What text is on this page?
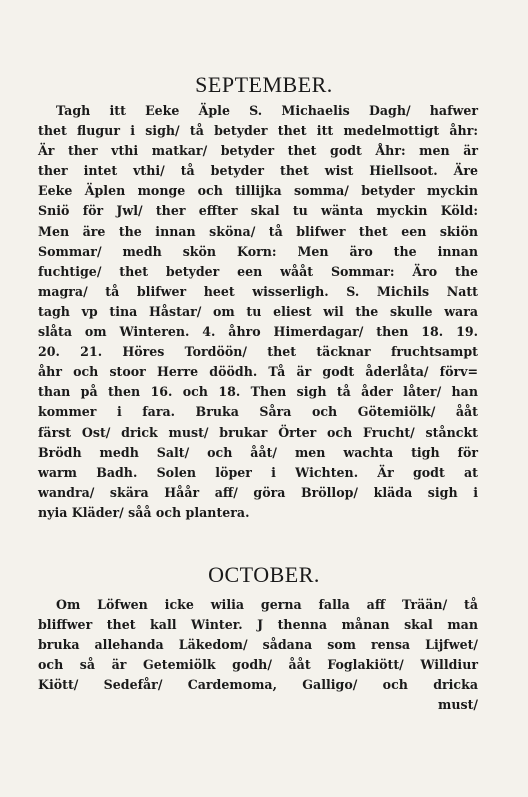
SEPTEMBER.
Tagh itt Eeke Äple S. Michaelis Dagh/ hafwer
thet flugur i sigh/ tå betyder thet itt medelmottigt åhr:
Är ther vthi matkar/ betyder thet godt Åhr: men är
ther intet vthi/ tå betyder thet wist Hiellsoot. Äre
Eeke Äplen monge och tillijka somma/ betyder myckin
Sniö för Jwl/ ther effter skal tu wänta myckin Köld:
Men äre the innan sköna/ tå blifwer thet een skiön
Sommar/ medh skön Korn: Men äro the innan
fuchtige/ thet betyder een wååt Sommar: Äro the
magra/ tå blifwer heet wisserligh. S. Michils Natt
tagh vp tina Håstar/ om tu eliest wil the skulle wara
slåta om Winteren. 4. åhro Himerdagar/ then 18. 19.
20. 21. Höres Tordöön/ thet täcknar fruchtsampt
åhr och stoor Herre döödh. Tå är godt åderlåta/ förv=
than på then 16. och 18. Then sigh tå åder låter/ han
kommer i fara. Bruka Såra och Götemiölk/ ååt
färst Ost/ drick must/ brukar Örter och Frucht/ stånckt
Brödh medh Salt/ och ååt/ men wachta tigh för
warm Badh. Solen löper i Wichten. Är godt at
wandra/ skära Håår aff/ göra Bröllop/ kläda sigh i
nyia Kläder/ såå och plantera.
OCTOBER.
Om Löfwen icke wilia gerna falla aff Trään/ tå
bliffwer thet kall Winter. J thenna månan skal man
bruka allehanda Läkedom/ sådana som rensa Lijfwet/
och så är Getemiölk godh/ ååt Foglakiött/ Willdiur
Kiött/ Sedefår/ Cardemoma, Galligo/ och dricka
must/
